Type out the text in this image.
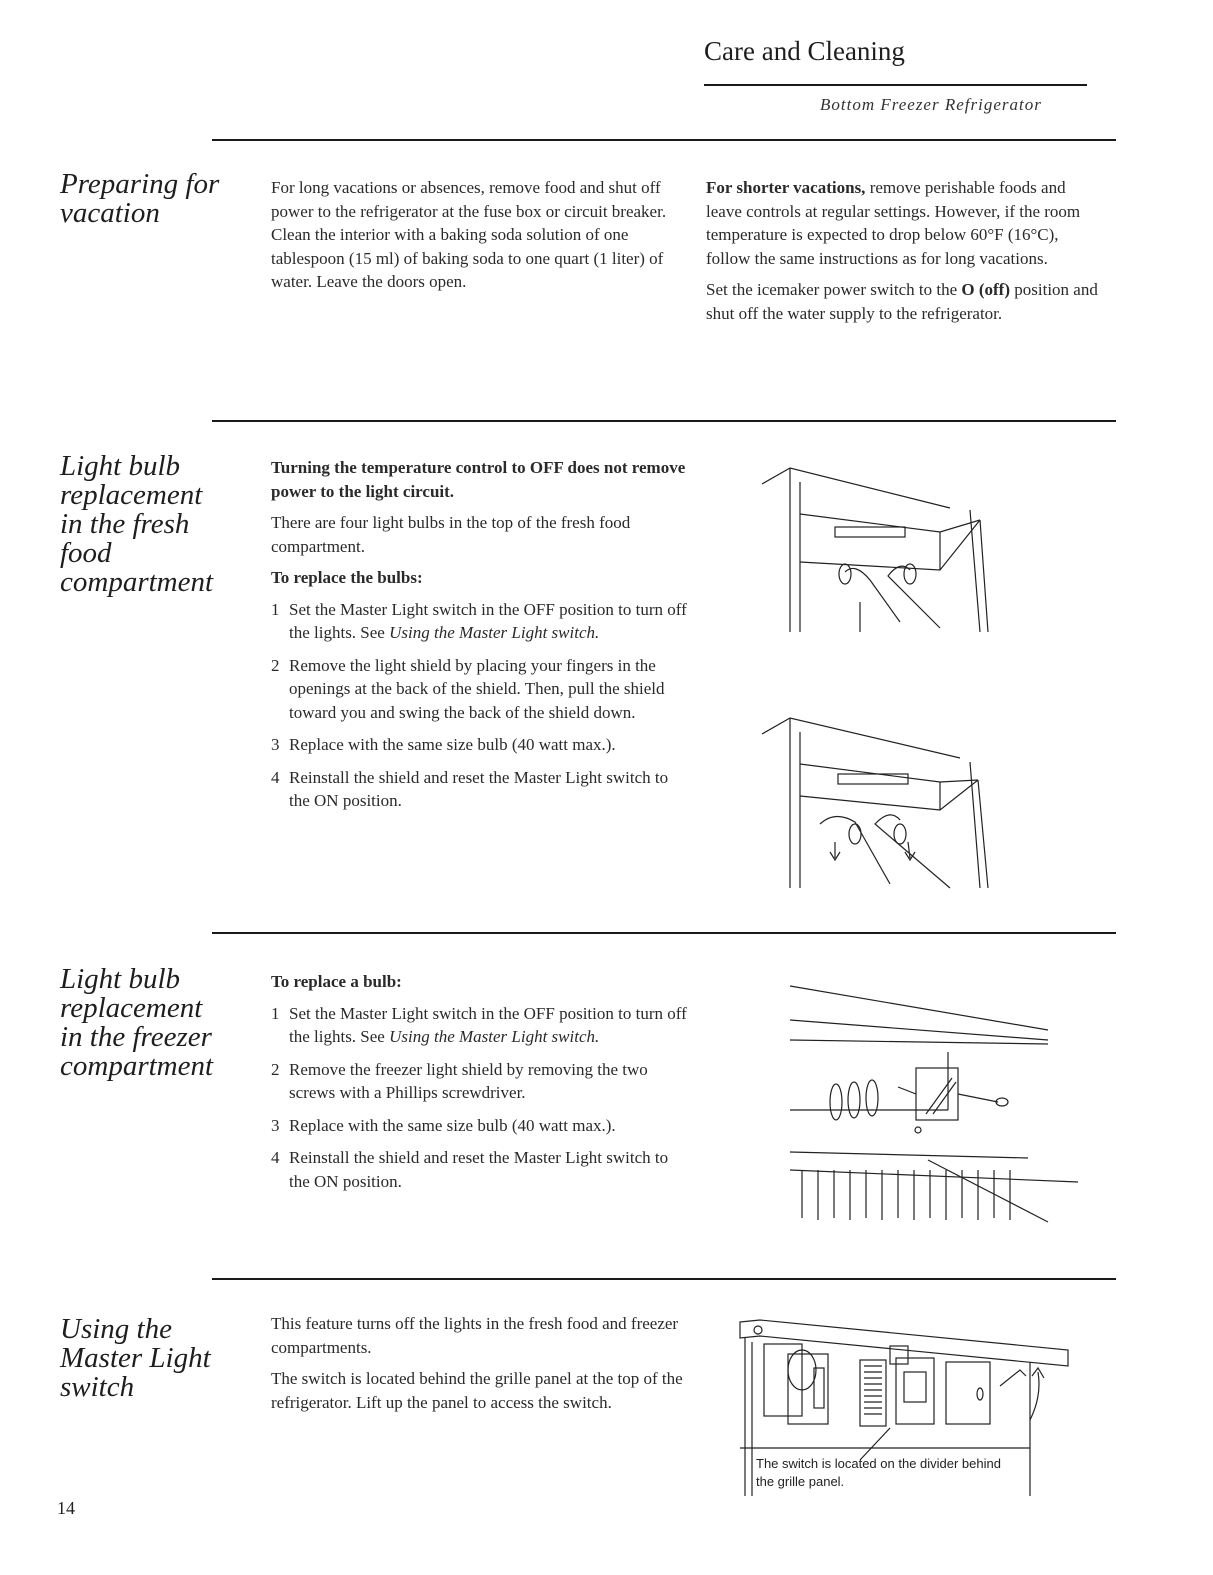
Care and Cleaning
Bottom Freezer Refrigerator
Preparing for vacation

For long vacations or absences, remove food and shut off power to the refrigerator at the fuse box or circuit breaker. Clean the interior with a baking soda solution of one tablespoon (15 ml) of baking soda to one quart (1 liter) of water. Leave the doors open.

For shorter vacations, remove perishable foods and leave controls at regular settings. However, if the room temperature is expected to drop below 60°F (16°C), follow the same instructions as for long vacations.

Set the icemaker power switch to the O (off) position and shut off the water supply to the refrigerator.

Light bulb replacement in the fresh food compartment

Turning the temperature control to OFF does not remove power to the light circuit.

There are four light bulbs in the top of the fresh food compartment.

To replace the bulbs:

1 Set the Master Light switch in the OFF position to turn off the lights. See Using the Master Light switch.
2 Remove the light shield by placing your fingers in the openings at the back of the shield. Then, pull the shield toward you and swing the back of the shield down.
3 Replace with the same size bulb (40 watt max.).
4 Reinstall the shield and reset the Master Light switch to the ON position.
Light bulb replacement in the freezer compartment

To replace a bulb:

1 Set the Master Light switch in the OFF position to turn off the lights. See Using the Master Light switch.
2 Remove the freezer light shield by removing the two screws with a Phillips screwdriver.
3 Replace with the same size bulb (40 watt max.).
4 Reinstall the shield and reset the Master Light switch to the ON position.
Using the Master Light switch

This feature turns off the lights in the fresh food and freezer compartments.

The switch is located behind the grille panel at the top of the refrigerator. Lift up the panel to access the switch.

The switch is located on the divider behind
the grille panel.
14
